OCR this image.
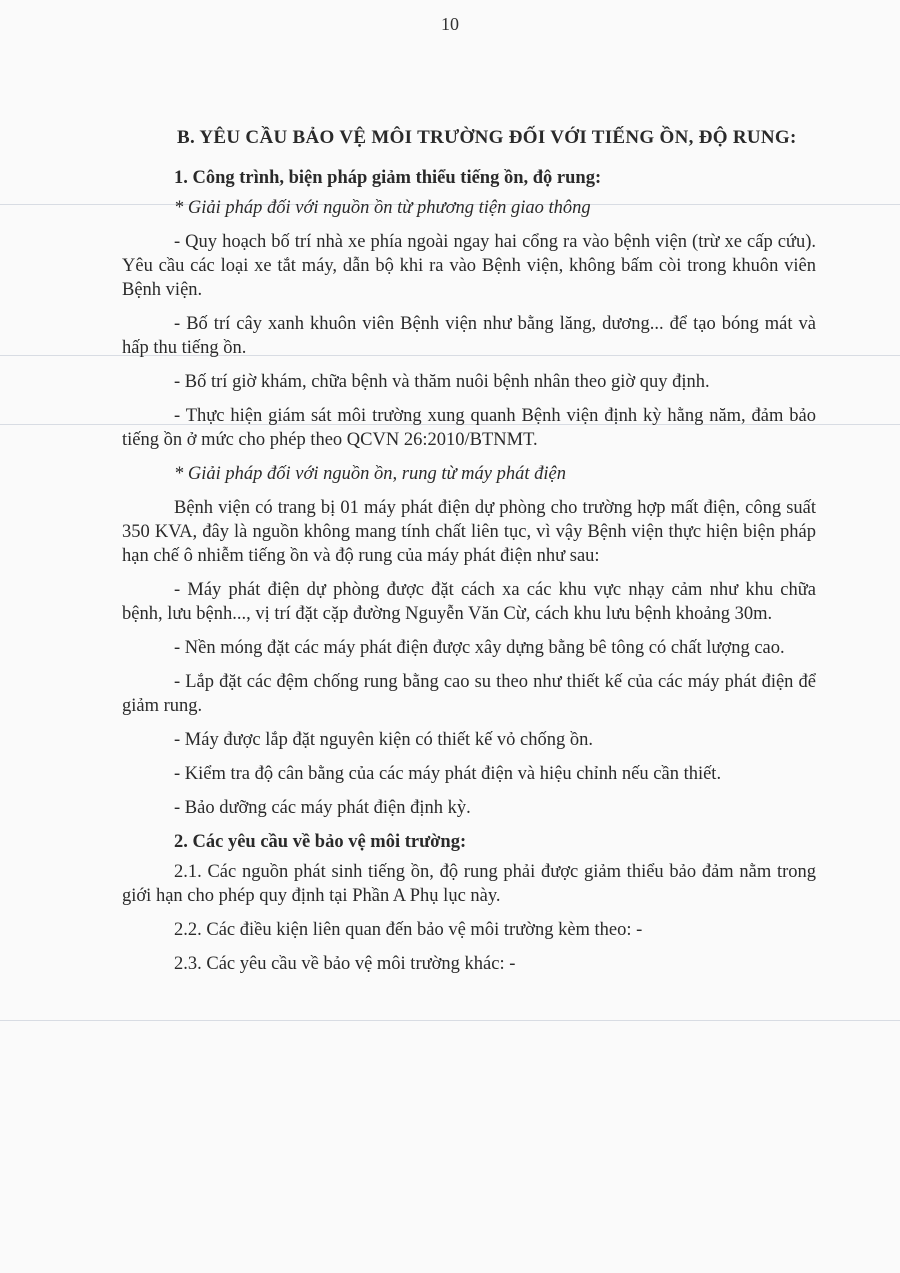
10
B. YÊU CẦU BẢO VỆ MÔI TRƯỜNG ĐỐI VỚI TIẾNG ỒN, ĐỘ RUNG:
1. Công trình, biện pháp giảm thiểu tiếng ồn, độ rung:
* Giải pháp đối với nguồn ồn từ phương tiện giao thông
- Quy hoạch bố trí nhà xe phía ngoài ngay hai cổng ra vào bệnh viện (trừ xe cấp cứu). Yêu cầu các loại xe tắt máy, dẫn bộ khi ra vào Bệnh viện, không bấm còi trong khuôn viên Bệnh viện.
- Bố trí cây xanh khuôn viên Bệnh viện như bằng lăng, dương... để tạo bóng mát và hấp thu tiếng ồn.
- Bố trí giờ khám, chữa bệnh và thăm nuôi bệnh nhân theo giờ quy định.
- Thực hiện giám sát môi trường xung quanh Bệnh viện định kỳ hằng năm, đảm bảo tiếng ồn ở mức cho phép theo QCVN 26:2010/BTNMT.
* Giải pháp đối với nguồn ồn, rung từ máy phát điện
Bệnh viện có trang bị 01 máy phát điện dự phòng cho trường hợp mất điện, công suất 350 KVA, đây là nguồn không mang tính chất liên tục, vì vậy Bệnh viện thực hiện biện pháp hạn chế ô nhiễm tiếng ồn và độ rung của máy phát điện như sau:
- Máy phát điện dự phòng được đặt cách xa các khu vực nhạy cảm như khu chữa bệnh, lưu bệnh..., vị trí đặt cặp đường Nguyễn Văn Cừ, cách khu lưu bệnh khoảng 30m.
- Nền móng đặt các máy phát điện được xây dựng bằng bê tông có chất lượng cao.
- Lắp đặt các đệm chống rung bằng cao su theo như thiết kế của các máy phát điện để giảm rung.
- Máy được lắp đặt nguyên kiện có thiết kế vỏ chống ồn.
- Kiểm tra độ cân bằng của các máy phát điện và hiệu chỉnh nếu cần thiết.
- Bảo dưỡng các máy phát điện định kỳ.
2. Các yêu cầu về bảo vệ môi trường:
2.1. Các nguồn phát sinh tiếng ồn, độ rung phải được giảm thiểu bảo đảm nằm trong giới hạn cho phép quy định tại Phần A Phụ lục này.
2.2. Các điều kiện liên quan đến bảo vệ môi trường kèm theo: -
2.3. Các yêu cầu về bảo vệ môi trường khác: -
